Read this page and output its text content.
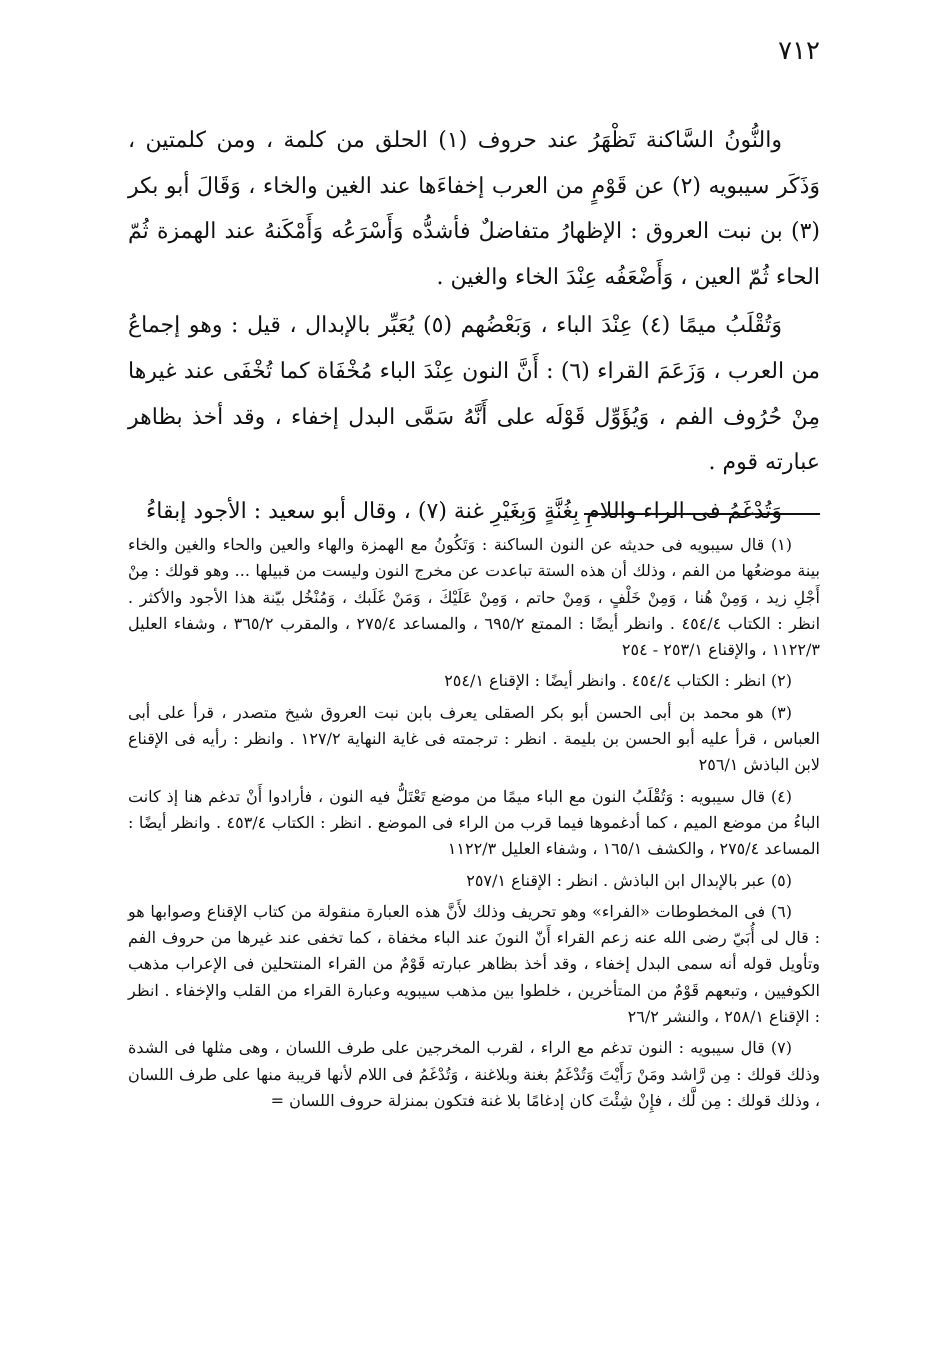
٧١٢

والنُّونُ السَّاكنة تَظْهَرُ عند حروف (١) الحلق من كلمة ، ومن كلمتين ، وَذَكَر سيبويه (٢) عن قَوْمٍ من العرب إخفاءَها عند الغين والخاء ، وَقَالَ أبو بكر (٣) بن نبت العروق : الإظهارُ متفاضلٌ فأشدُّه وَأَسْرَعُه وَأَمْكَنهُ عند الهمزة ثُمّ الحاء ثُمّ العين ، وَأَضْعَفُه عِنْدَ الخاء والغين .

وَتُقْلَبُ ميمًا (٤) عِنْدَ الباء ، وَبَعْضُهم (٥) يُعَبِّر بالإبدال ، قيل : وهو إجماعُ من العرب ، وَزَعَمَ القراء (٦) : أَنَّ النون عِنْدَ الباء مُخْفَاة كما تُخْفَى عند غيرها مِنْ حُرُوف الفم ، وَيُؤَوِّل قَوْلَه على أَنَّهُ سَمَّى البدل إخفاء ، وقد أخذ بظاهر عبارته قوم .

وَتُدْغَمُ فى الراء واللامِ بِغُنَّةٍ وَبِغَيْرِ غنة (٧) ، وقال أبو سعيد : الأجود إبقاءُ

(١) قال سيبويه فى حديثه عن النون الساكنة : وَتَكُونُ مع الهمزة والهاء والعين والحاء والغين والخاء بينة موضعُها من الفم ، وذلك أن هذه الستة تباعدت عن مخرج النون وليست من قبيلها ... وهو قولك : مِنْ أَجْلِ زيد ، وَمِنْ هُنا ، وَمِنْ خَلْفٍ ، وَمِنْ حاتم ، وَمِنْ عَلَيْكَ ، وَمَنْ غَلَبك ، وَمُنْخُل بيّنة هذا الأجود والأكثر . انظر : الكتاب ٤٥٤/٤ . وانظر أيضًا : الممتع ٦٩٥/٢ ، والمساعد ٢٧٥/٤ ، والمقرب ٣٦٥/٢ ، وشفاء العليل ١١٢٢/٣ ، والإقناع ٢٥٣/١ - ٢٥٤

(٢) انظر : الكتاب ٤٥٤/٤ . وانظر أيضًا : الإقناع ٢٥٤/١

(٣) هو محمد بن أبى الحسن أبو بكر الصقلى يعرف بابن نبت العروق شيخ متصدر ، قرأ على أبى العباس ، قرأ عليه أبو الحسن بن بليمة . انظر : ترجمته فى غاية النهاية ١٢٧/٢ . وانظر : رأيه فى الإقناع لابن الباذش ٢٥٦/١

(٤) قال سيبويه : وَتُقْلَبُ النون مع الباء ميمًا من موضع تَعْتَلُّ فيه النون ، فأرادوا أَنْ تدغم هنا إذ كانت الباءُ من موضع الميم ، كما أدغموها فيما قرب من الراء فى الموضع . انظر : الكتاب ٤٥٣/٤ . وانظر أيضًا : المساعد ٢٧٥/٤ ، والكشف ١٦٥/١ ، وشفاء العليل ١١٢٢/٣

(٥) عبر بالإبدال ابن الباذش . انظر : الإقناع ٢٥٧/١

(٦) فى المخطوطات «الفراء» وهو تحريف وذلك لأَنَّ هذه العبارة منقولة من كتاب الإقناع وصوابها هو : قال لى أُبَيّ رضى الله عنه زعم القراء أَنّ النونَ عند الباء مخفاة ، كما تخفى عند غيرها من حروف الفم وتأويل قوله أنه سمى البدل إخفاء ، وقد أخذ بظاهر عبارته قَوْمٌ من القراء المنتحلين فى الإعراب مذهب الكوفيين ، وتبعهم قَوْمٌ من المتأخرين ، خلطوا بين مذهب سيبويه وعبارة القراء من القلب والإخفاء . انظر : الإقناع ٢٥٨/١ ، والنشر ٢٦/٢

(٧) قال سيبويه : النون تدغم مع الراء ، لقرب المخرجين على طرف اللسان ، وهى مثلها فى الشدة وذلك قولك : مِن رَّاشد ومَنْ رَأَيْتَ وَتُدْغَمُ بغنة وبلاغنة ، وَتُدْغَمُ فى اللام لأنها قريبة منها على طرف اللسان ، وذلك قولك : مِن لَّك ، فإِنْ شِئْتَ كان إدغامًا بلا غنة فتكون بمنزلة حروف اللسان =
